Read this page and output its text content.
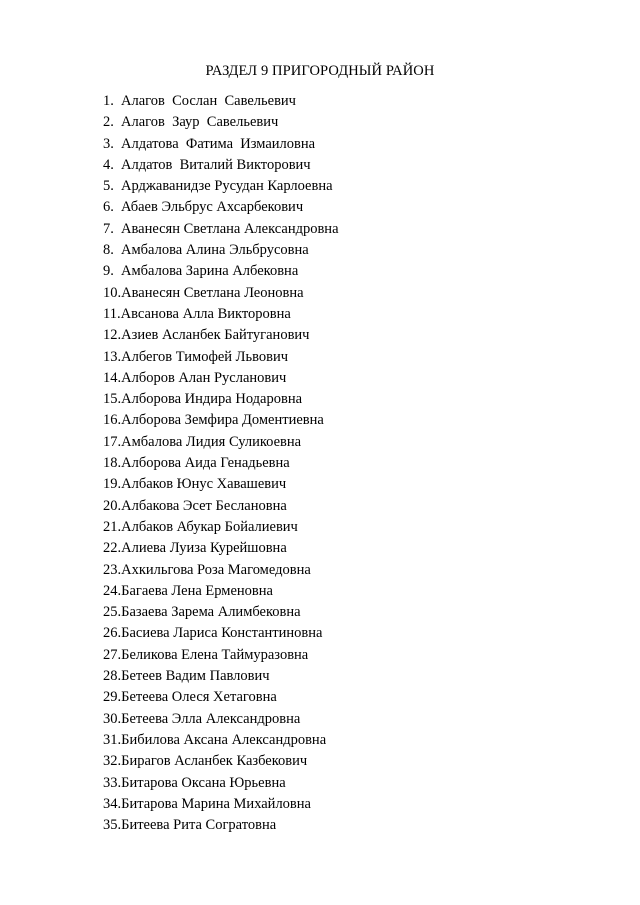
РАЗДЕЛ 9 ПРИГОРОДНЫЙ РАЙОН
1. Алагов  Сослан  Савельевич
2. Алагов  Заур  Савельевич
3. Алдатова  Фатима  Измаиловна
4. Алдатов  Виталий Викторович
5. Арджаванидзе Русудан Карлоевна
6. Абаев Эльбрус Ахсарбекович
7. Аванесян Светлана Александровна
8. Амбалова Алина Эльбрусовна
9. Амбалова Зарина Албековна
10. Аванесян Светлана Леоновна
11. Авсанова Алла Викторовна
12. Азиев Асланбек Байтуганович
13. Албегов Тимофей Львович
14. Алборов Алан Русланович
15. Алборова Индира Нодаровна
16. Алборова Земфира Доментиевна
17. Амбалова Лидия Суликоевна
18. Алборова Аида Генадьевна
19. Албаков Юнус Хавашевич
20. Албакова Эсет Беслановна
21. Албаков Абукар Бойалиевич
22. Алиева Луиза Курейшовна
23. Ахкильгова Роза Магомедовна
24. Багаева Лена Ерменовна
25. Базаева Зарема Алимбековна
26. Басиева Лариса Константиновна
27. Беликова Елена Таймуразовна
28. Бетеев Вадим Павлович
29. Бетеева Олеся Хетаговна
30. Бетеева Элла Александровна
31. Бибилова Аксана Александровна
32. Бирагов Асланбек Казбекович
33. Битарова Оксана Юрьевна
34. Битарова Марина Михайловна
35. Битеева Рита Согратовна
